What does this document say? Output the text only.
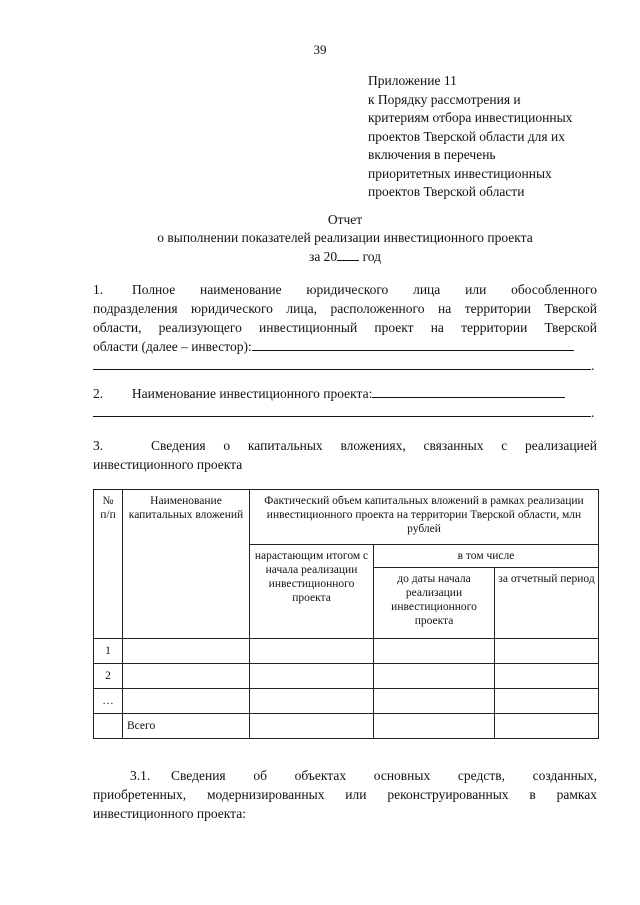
39
Приложение 11
к Порядку рассмотрения и
критериям отбора инвестиционных
проектов Тверской области для их
включения в перечень
приоритетных инвестиционных
проектов Тверской области
Отчет
о выполнении показателей реализации инвестиционного проекта
за 20 год
1. Полное наименование юридического лица или обособленного
подразделения юридического лица, расположенного на территории Тверской
области, реализующего инвестиционный проект на территории Тверской
области (далее – инвестор):
.
2. Наименование инвестиционного проекта:
.
3.	Сведения о капитальных вложениях, связанных с реализацией
инвестиционного проекта
№ п/п	Наименование капитальных вложений	Фактический объем капитальных вложений в рамках реализации инвестиционного проекта на территории Тверской области, млн рублей		
		нарастающим итогом с начала реализации инвестиционного проекта	в том числе	
			до даты начала реализации инвестиционного проекта	за отчетный период
1				
2				
…				
	Всего			
3.1. Сведения об объектах основных средств, созданных,

приобретенных, модернизированных или реконструированных в рамках
инвестиционного проекта:
